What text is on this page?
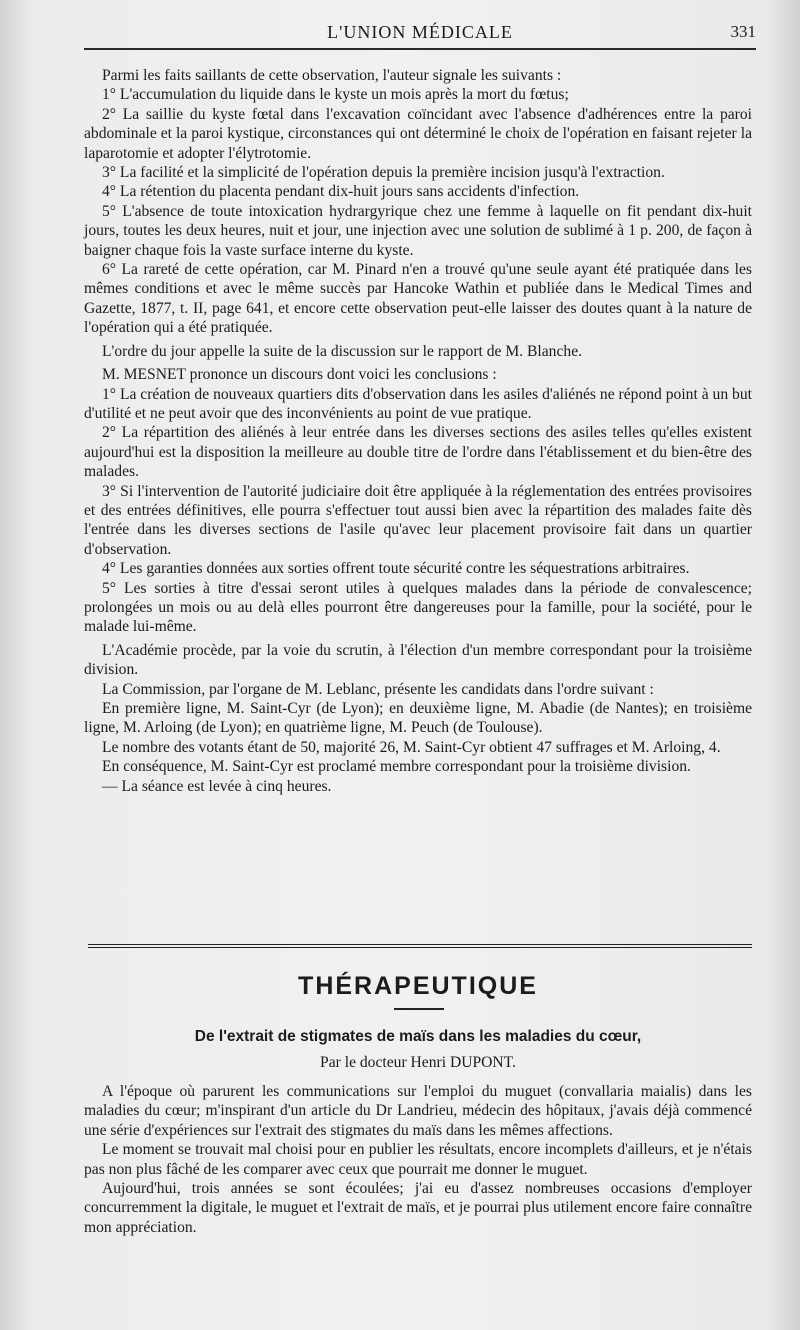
L'UNION MÉDICALE	331

Parmi les faits saillants de cette observation, l'auteur signale les suivants :

1° L'accumulation du liquide dans le kyste un mois après la mort du fœtus;

2° La saillie du kyste fœtal dans l'excavation coïncidant avec l'absence d'adhérences entre la paroi abdominale et la paroi kystique, circonstances qui ont déterminé le choix de l'opération en faisant rejeter la laparotomie et adopter l'élytrotomie.

3° La facilité et la simplicité de l'opération depuis la première incision jusqu'à l'extraction.

4° La rétention du placenta pendant dix-huit jours sans accidents d'infection.

5° L'absence de toute intoxication hydrargyrique chez une femme à laquelle on fit pendant dix-huit jours, toutes les deux heures, nuit et jour, une injection avec une solution de sublimé à 1 p. 200, de façon à baigner chaque fois la vaste surface interne du kyste.

6° La rareté de cette opération, car M. Pinard n'en a trouvé qu'une seule ayant été pratiquée dans les mêmes conditions et avec le même succès par Hancoke Wathin et publiée dans le Medical Times and Gazette, 1877, t. II, page 641, et encore cette observation peut-elle laisser des doutes quant à la nature de l'opération qui a été pratiquée.

L'ordre du jour appelle la suite de la discussion sur le rapport de M. Blanche.

M. MESNET prononce un discours dont voici les conclusions :

1° La création de nouveaux quartiers dits d'observation dans les asiles d'aliénés ne répond point à un but d'utilité et ne peut avoir que des inconvénients au point de vue pratique.

2° La répartition des aliénés à leur entrée dans les diverses sections des asiles telles qu'elles existent aujourd'hui est la disposition la meilleure au double titre de l'ordre dans l'établissement et du bien-être des malades.

3° Si l'intervention de l'autorité judiciaire doit être appliquée à la réglementation des entrées provisoires et des entrées définitives, elle pourra s'effectuer tout aussi bien avec la répartition des malades faite dès l'entrée dans les diverses sections de l'asile qu'avec leur placement provisoire fait dans un quartier d'observation.

4° Les garanties données aux sorties offrent toute sécurité contre les séquestrations arbitraires.

5° Les sorties à titre d'essai seront utiles à quelques malades dans la période de convalescence; prolongées un mois ou au delà elles pourront être dangereuses pour la famille, pour la société, pour le malade lui-même.

L'Académie procède, par la voie du scrutin, à l'élection d'un membre correspondant pour la troisième division.

La Commission, par l'organe de M. Leblanc, présente les candidats dans l'ordre suivant :

En première ligne, M. Saint-Cyr (de Lyon); en deuxième ligne, M. Abadie (de Nantes); en troisième ligne, M. Arloing (de Lyon); en quatrième ligne, M. Peuch (de Toulouse).

Le nombre des votants étant de 50, majorité 26, M. Saint-Cyr obtient 47 suffrages et M. Arloing, 4.

En conséquence, M. Saint-Cyr est proclamé membre correspondant pour la troisième division.

— La séance est levée à cinq heures.

THÉRAPEUTIQUE
De l'extrait de stigmates de maïs dans les maladies du cœur,
Par le docteur Henri DUPONT.

A l'époque où parurent les communications sur l'emploi du muguet (convallaria maialis) dans les maladies du cœur; m'inspirant d'un article du Dr Landrieu, médecin des hôpitaux, j'avais déjà commencé une série d'expériences sur l'extrait des stigmates du maïs dans les mêmes affections.

Le moment se trouvait mal choisi pour en publier les résultats, encore incomplets d'ailleurs, et je n'étais pas non plus fâché de les comparer avec ceux que pourrait me donner le muguet.

Aujourd'hui, trois années se sont écoulées; j'ai eu d'assez nombreuses occasions d'employer concurremment la digitale, le muguet et l'extrait de maïs, et je pourrai plus utilement encore faire connaître mon appréciation.
